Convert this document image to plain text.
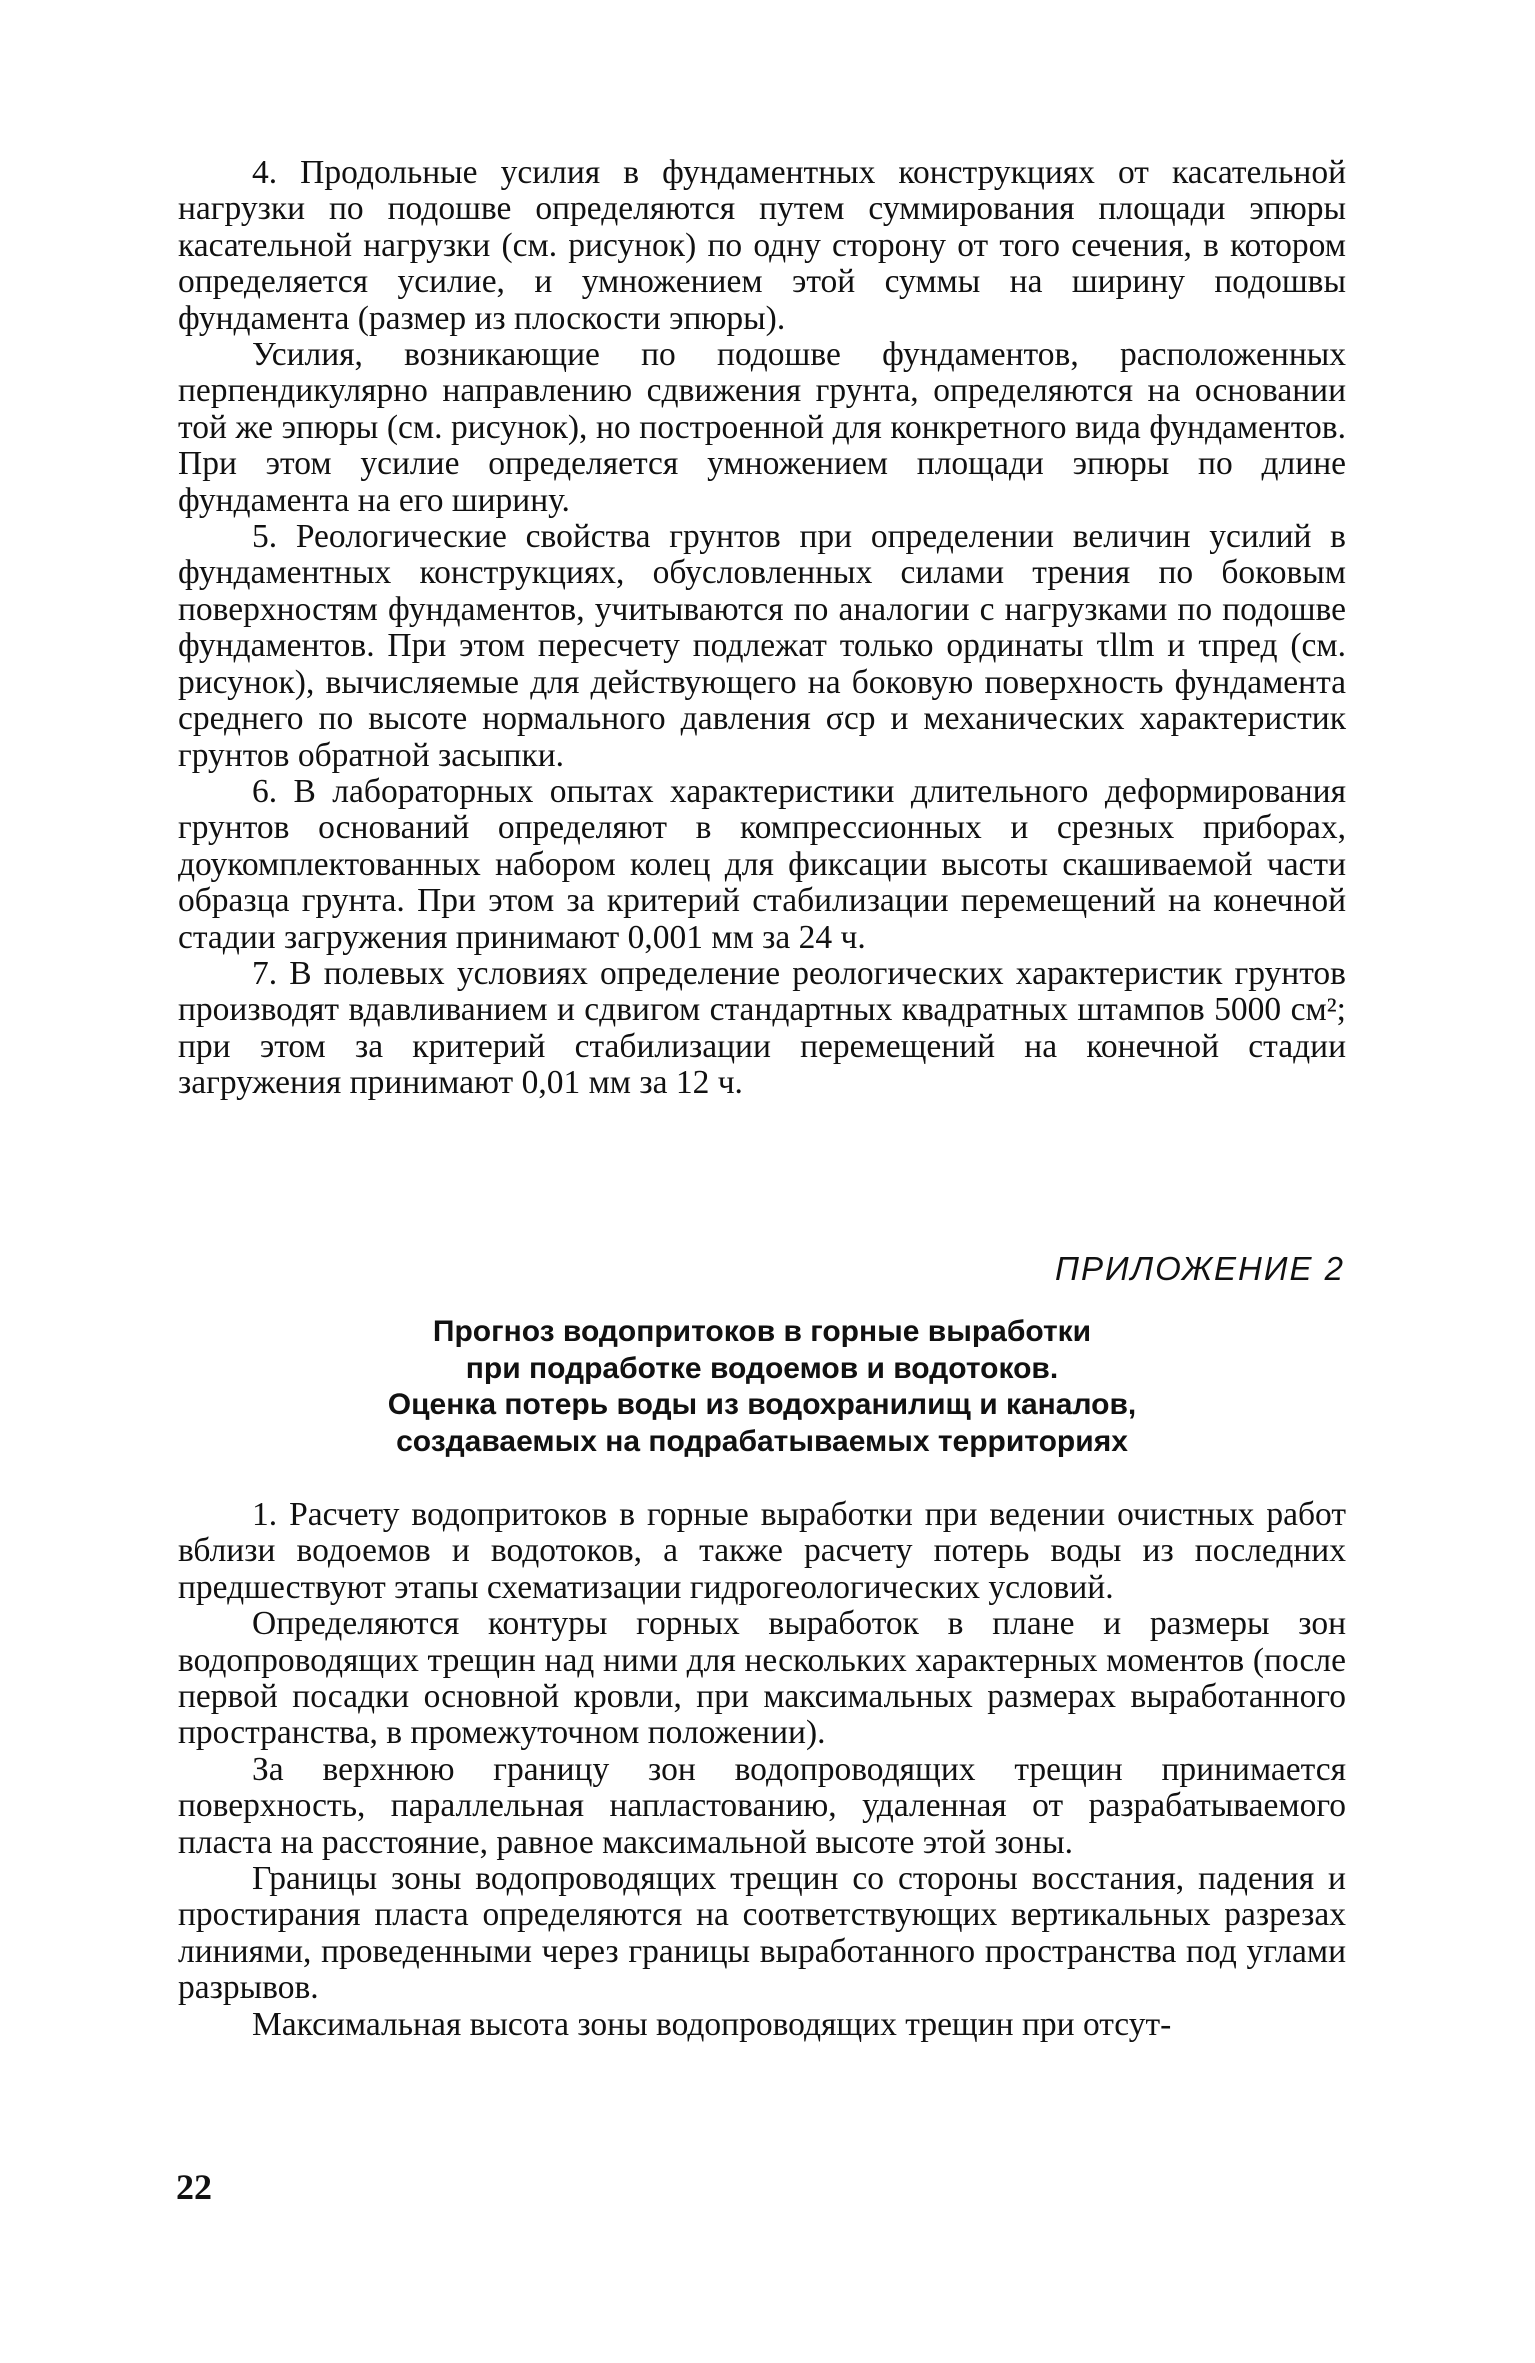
4. Продольные усилия в фундаментных конструкциях от касательной нагрузки по подошве определяются путем суммирования площади эпюры касательной нагрузки (см. рисунок) по одну сторону от того сечения, в котором определяется усилие, и умножением этой суммы на ширину подошвы фундамента (размер из плоскости эпюры).

Усилия, возникающие по подошве фундаментов, расположенных перпендикулярно направлению сдвижения грунта, определяются на основании той же эпюры (см. рисунок), но построенной для конкретного вида фундаментов. При этом усилие определяется умножением площади эпюры по длине фундамента на его ширину.

5. Реологические свойства грунтов при определении величин усилий в фундаментных конструкциях, обусловленных силами трения по боковым поверхностям фундаментов, учитываются по аналогии с нагрузками по подошве фундаментов. При этом пересчету подлежат только ординаты τllm и τпред (см. рисунок), вычисляемые для действующего на боковую поверхность фундамента среднего по высоте нормального давления σср и механических характеристик грунтов обратной засыпки.

6. В лабораторных опытах характеристики длительного деформирования грунтов оснований определяют в компрессионных и срезных приборах, доукомплектованных набором колец для фиксации высоты скашиваемой части образца грунта. При этом за критерий стабилизации перемещений на конечной стадии загружения принимают 0,001 мм за 24 ч.

7. В полевых условиях определение реологических характеристик грунтов производят вдавливанием и сдвигом стандартных квадратных штампов 5000 см²; при этом за критерий стабилизации перемещений на конечной стадии загружения принимают 0,01 мм за 12 ч.

ПРИЛОЖЕНИЕ 2
Прогноз водопритоков в горные выработки
при подработке водоемов и водотоков.
Оценка потерь воды из водохранилищ и каналов,
создаваемых на подрабатываемых территориях

1. Расчету водопритоков в горные выработки при ведении очистных работ вблизи водоемов и водотоков, а также расчету потерь воды из последних предшествуют этапы схематизации гидрогеологических условий.

Определяются контуры горных выработок в плане и размеры зон водопроводящих трещин над ними для нескольких характерных моментов (после первой посадки основной кровли, при максимальных размерах выработанного пространства, в промежуточном положении).

За верхнюю границу зон водопроводящих трещин принимается поверхность, параллельная напластованию, удаленная от разрабатываемого пласта на расстояние, равное максимальной высоте этой зоны.

Границы зоны водопроводящих трещин со стороны восстания, падения и простирания пласта определяются на соответствующих вертикальных разрезах линиями, проведенными через границы выработанного пространства под углами разрывов.

Максимальная высота зоны водопроводящих трещин при отсут-

22
